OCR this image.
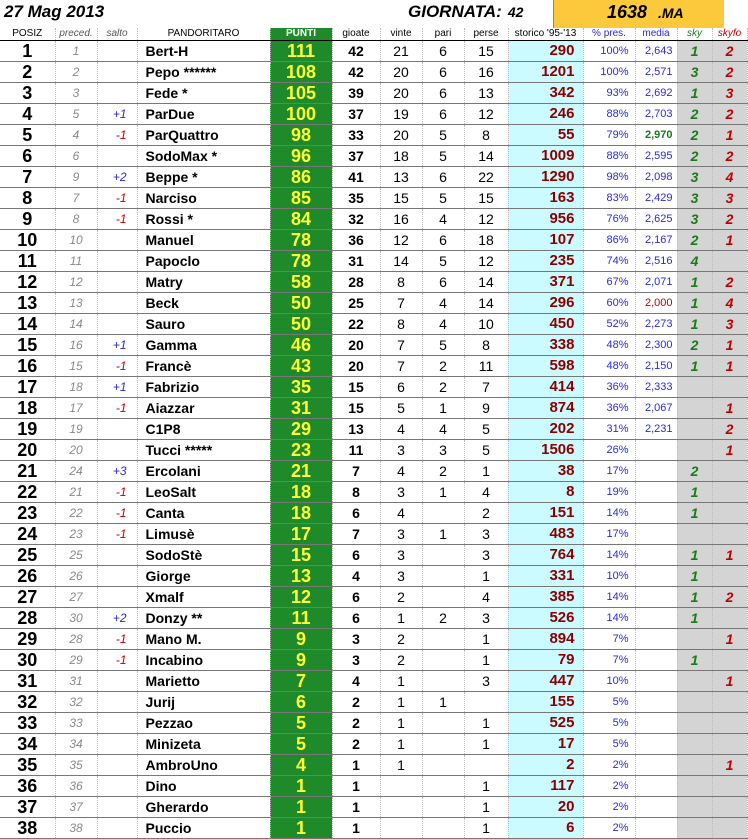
27 Mag 2013	GIORNATA: 42	1638 .MA
POSIZ	preced.	salto	PANDORITARO	PUNTI	gioate	vinte	pari	perse	storico '95-'13	% pres.	media	sky	skyfo
1	1		Bert-H	111	42	21	6	15	290	100%	2,643	1	2
2	2		Pepo ******	108	42	20	6	16	1201	100%	2,571	3	2
3	3		Fede *	105	39	20	6	13	342	93%	2,692	1	3
4	5	+1	ParDue	100	37	19	6	12	246	88%	2,703	2	2
5	4	-1	ParQuattro	98	33	20	5	8	55	79%	2,970	2	1
6	6		SodoMax *	96	37	18	5	14	1009	88%	2,595	2	2
7	9	+2	Beppe *	86	41	13	6	22	1290	98%	2,098	3	4
8	7	-1	Narciso	85	35	15	5	15	163	83%	2,429	3	3
9	8	-1	Rossi *	84	32	16	4	12	956	76%	2,625	3	2
10	10		Manuel	78	36	12	6	18	107	86%	2,167	2	1
11	11		Papoclo	78	31	14	5	12	235	74%	2,516	4	
12	12		Matry	58	28	8	6	14	371	67%	2,071	1	2
13	13		Beck	50	25	7	4	14	296	60%	2,000	1	4
14	14		Sauro	50	22	8	4	10	450	52%	2,273	1	3
15	16	+1	Gamma	46	20	7	5	8	338	48%	2,300	2	1
16	15	-1	Francè	43	20	7	2	11	598	48%	2,150	1	1
17	18	+1	Fabrizio	35	15	6	2	7	414	36%	2,333		
18	17	-1	Aiazzar	31	15	5	1	9	874	36%	2,067		1
19	19		C1P8	29	13	4	4	5	202	31%	2,231		2
20	20		Tucci *****	23	11	3	3	5	1506	26%			1
21	24	+3	Ercolani	21	7	4	2	1	38	17%		2	
22	21	-1	LeoSalt	18	8	3	1	4	8	19%		1	
23	22	-1	Canta	18	6	4		2	151	14%		1	
24	23	-1	Limusè	17	7	3	1	3	483	17%			
25	25		SodoStè	15	6	3		3	764	14%		1	1
26	26		Giorge	13	4	3		1	331	10%		1	
27	27		Xmalf	12	6	2		4	385	14%		1	2
28	30	+2	Donzy **	11	6	1	2	3	526	14%		1	
29	28	-1	Mano M.	9	3	2		1	894	7%			1
30	29	-1	Incabino	9	3	2		1	79	7%		1	
31	31		Marietto	7	4	1		3	447	10%			1
32	32		Jurij	6	2	1	1		155	5%			
33	33		Pezzao	5	2	1		1	525	5%			
34	34		Minizeta	5	2	1		1	17	5%			
35	35		AmbroUno	4	1	1			2	2%			1
36	36		Dino	1	1			1	117	2%			
37	37		Gherardo	1	1			1	20	2%			
38	38		Puccio	1	1			1	6	2%			
